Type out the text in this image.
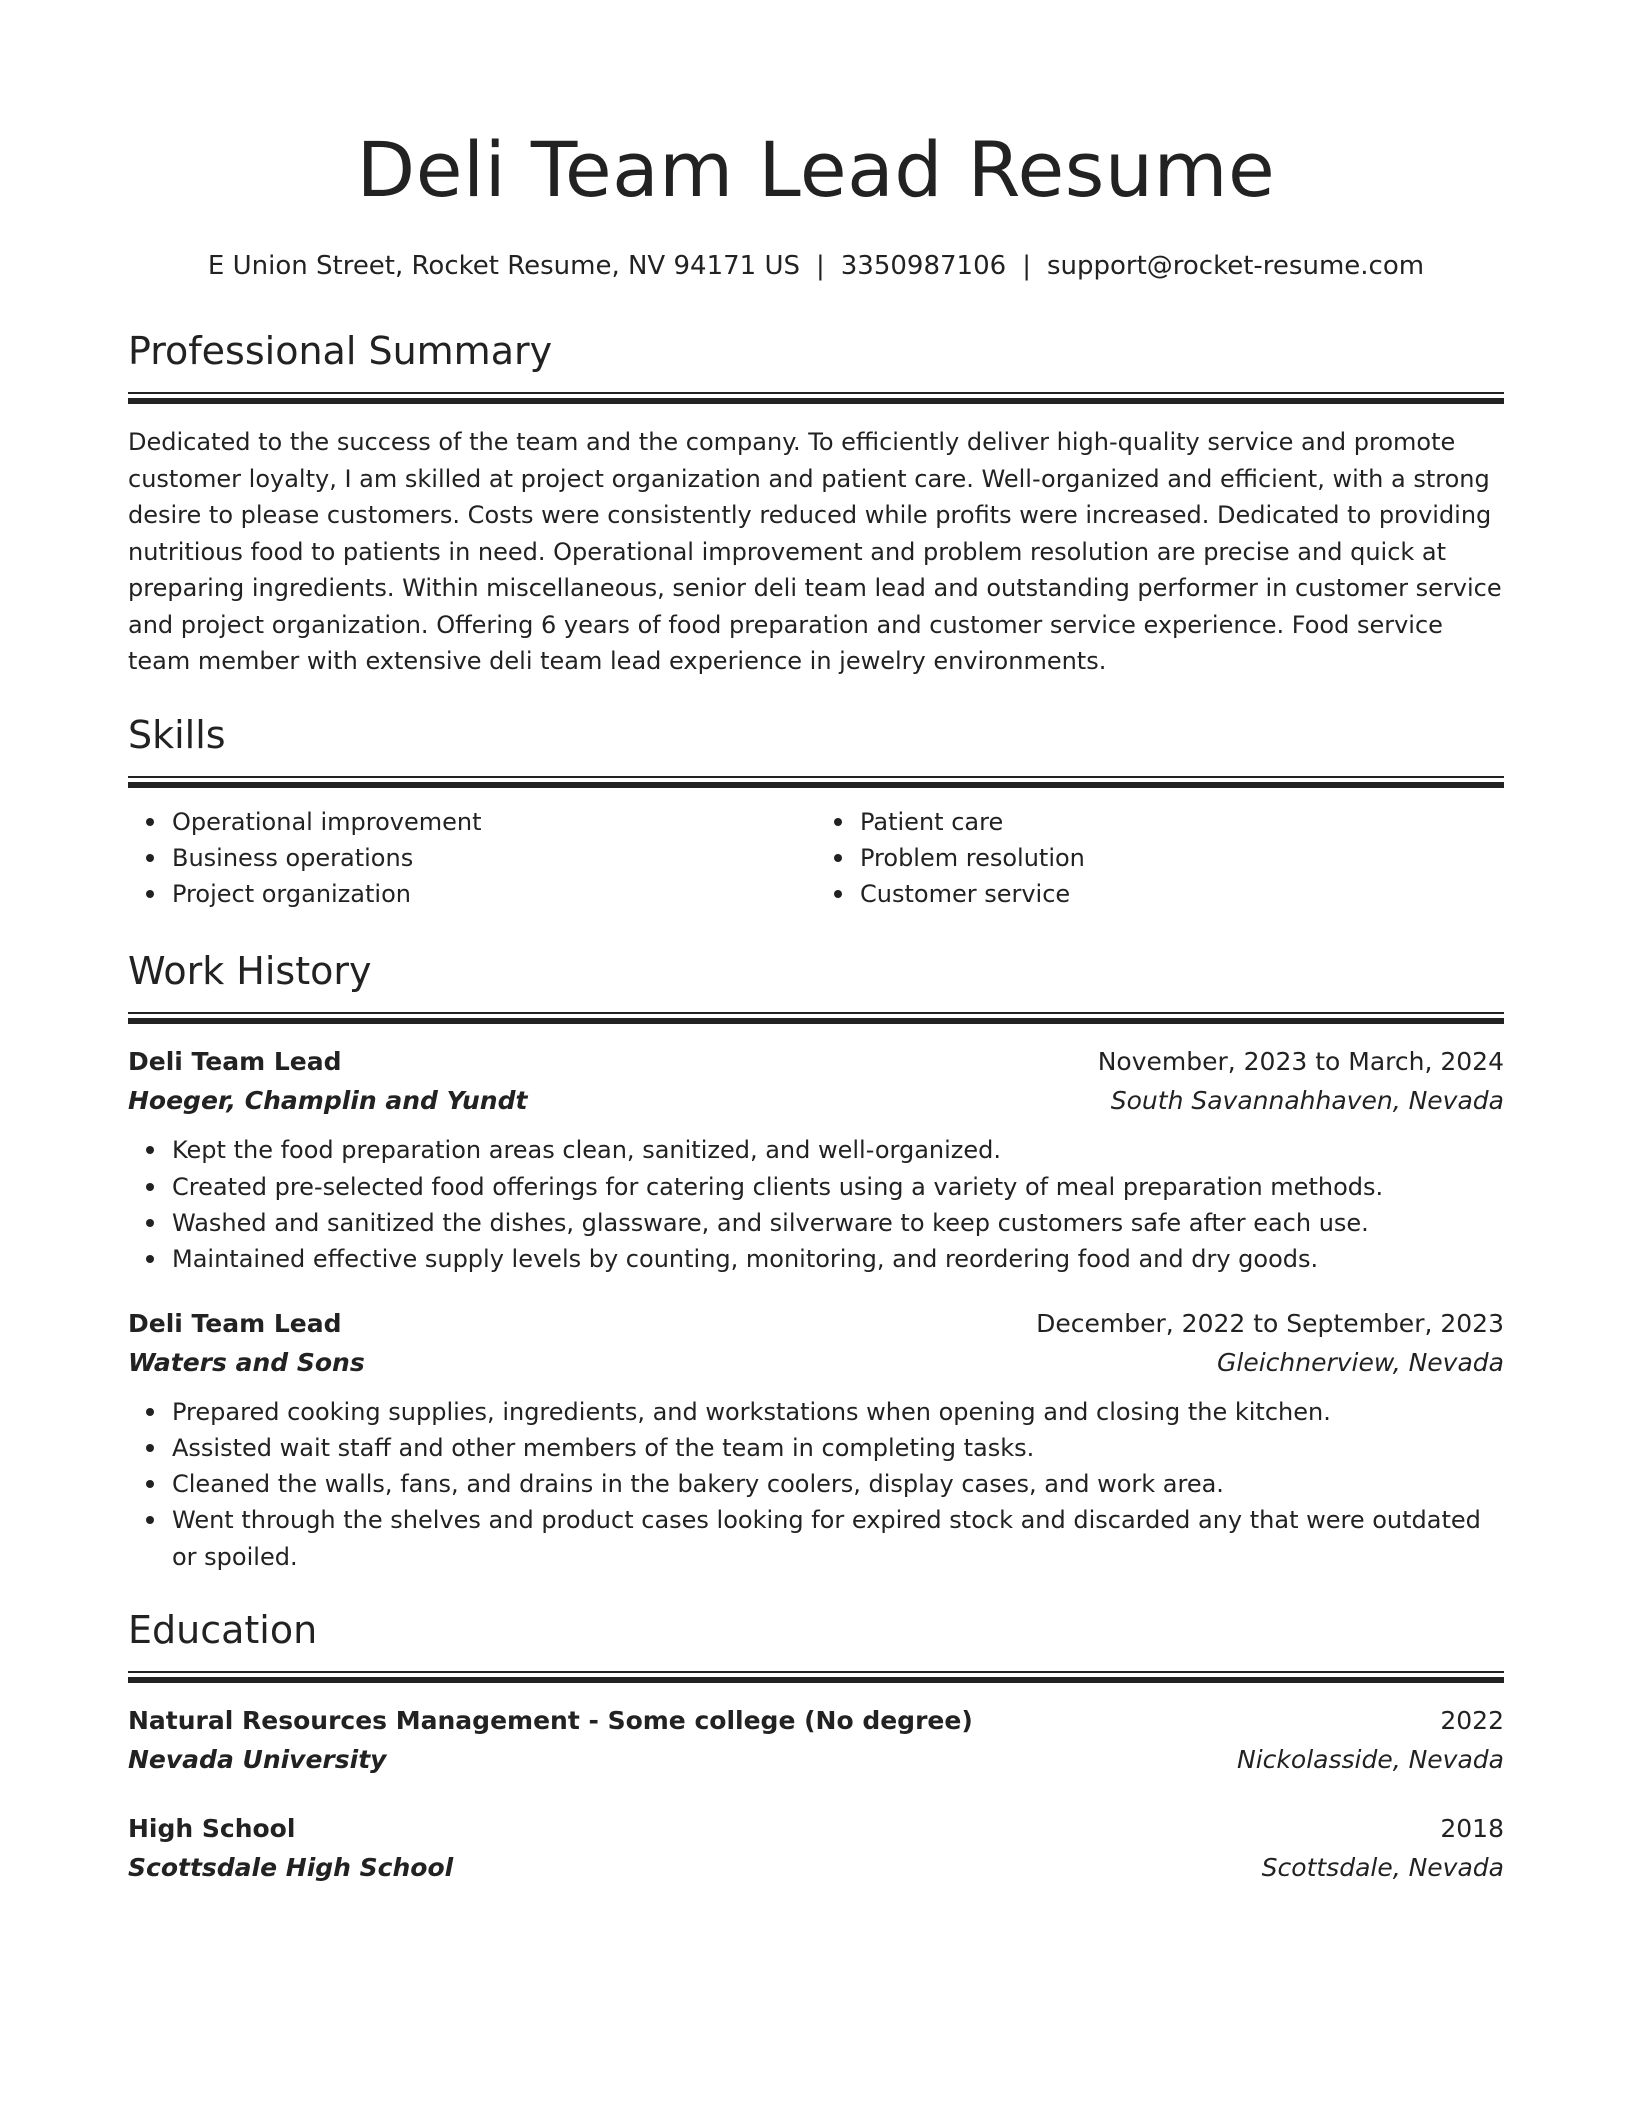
Deli Team Lead Resume
E Union Street, Rocket Resume, NV 94171 US | 3350987106 | support@rocket-resume.com
Professional Summary

Dedicated to the success of the team and the company. To efficiently deliver high-quality service and promote customer loyalty, I am skilled at project organization and patient care. Well-organized and efficient, with a strong desire to please customers. Costs were consistently reduced while profits were increased. Dedicated to providing nutritious food to patients in need. Operational improvement and problem resolution are precise and quick at preparing ingredients. Within miscellaneous, senior deli team lead and outstanding performer in customer service and project organization. Offering 6 years of food preparation and customer service experience. Food service team member with extensive deli team lead experience in jewelry environments.

Skills
Operational improvement
Business operations
Project organization
Patient care
Problem resolution
Customer service
Work History
Deli Team Lead	November, 2023 to March, 2024
Hoeger, Champlin and Yundt	South Savannahhaven, Nevada
Kept the food preparation areas clean, sanitized, and well-organized.
Created pre-selected food offerings for catering clients using a variety of meal preparation methods.
Washed and sanitized the dishes, glassware, and silverware to keep customers safe after each use.
Maintained effective supply levels by counting, monitoring, and reordering food and dry goods.
Deli Team Lead	December, 2022 to September, 2023
Waters and Sons	Gleichnerview, Nevada
Prepared cooking supplies, ingredients, and workstations when opening and closing the kitchen.
Assisted wait staff and other members of the team in completing tasks.
Cleaned the walls, fans, and drains in the bakery coolers, display cases, and work area.
Went through the shelves and product cases looking for expired stock and discarded any that were outdated or spoiled.
Education
Natural Resources Management - Some college (No degree)	2022
Nevada University	Nickolasside, Nevada
High School	2018
Scottsdale High School	Scottsdale, Nevada
